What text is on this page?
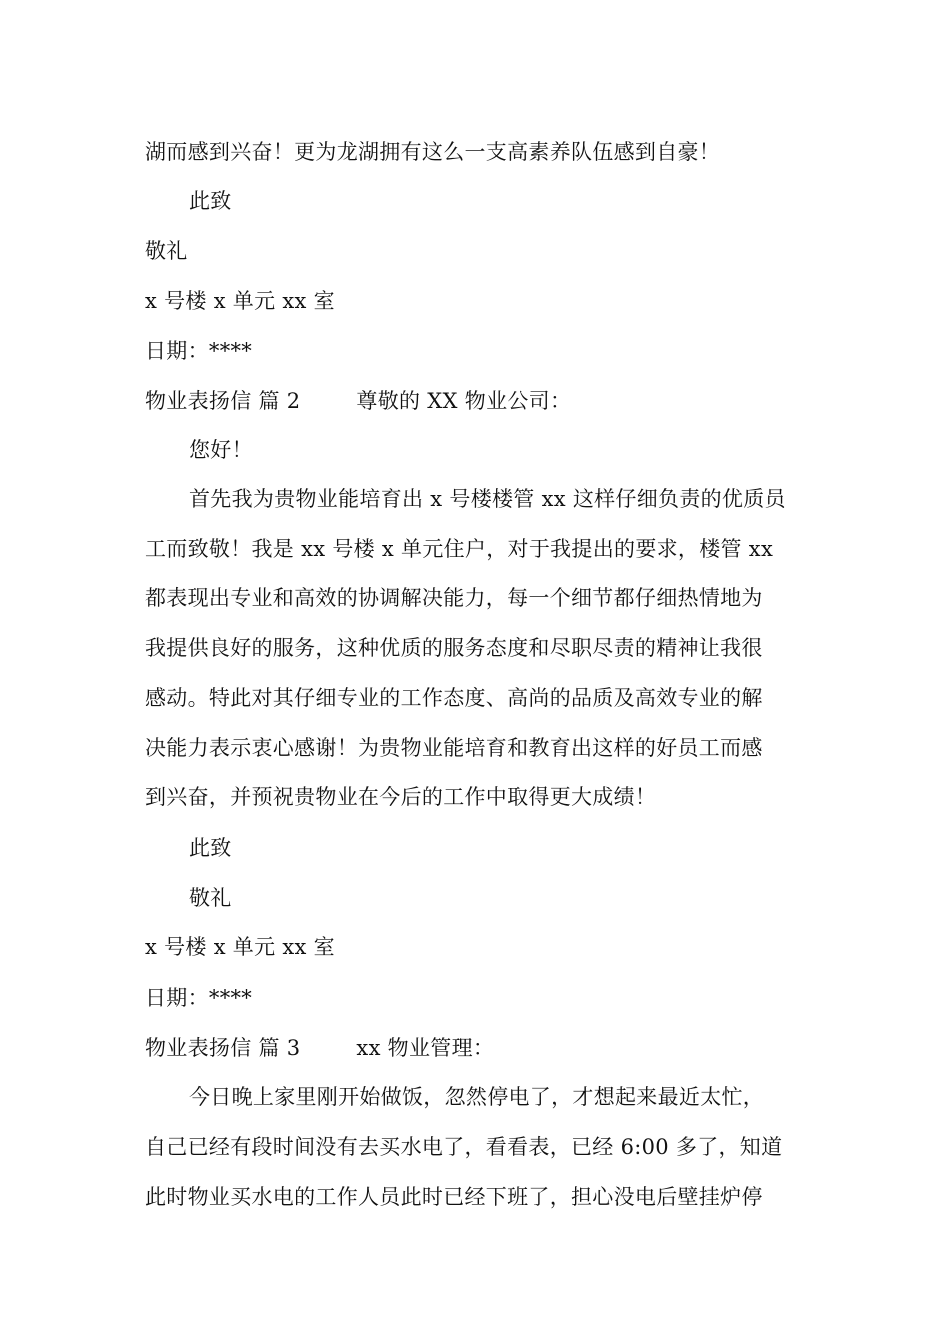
湖而感到兴奋！更为龙湖拥有这么一支高素养队伍感到自豪！
此致
敬礼
x 号楼 x 单元 xx 室
日期：****
物业表扬信 篇 2	尊敬的 XX 物业公司：
您好！
首先我为贵物业能培育出 x 号楼楼管 xx 这样仔细负责的优质员
工而致敬！我是 xx 号楼 x 单元住户，对于我提出的要求，楼管 xx
都表现出专业和高效的协调解决能力，每一个细节都仔细热情地为
我提供良好的服务，这种优质的服务态度和尽职尽责的精神让我很
感动。特此对其仔细专业的工作态度、高尚的品质及高效专业的解
决能力表示衷心感谢！为贵物业能培育和教育出这样的好员工而感
到兴奋，并预祝贵物业在今后的工作中取得更大成绩！
此致
敬礼
x 号楼 x 单元 xx 室
日期：****
物业表扬信 篇 3	xx 物业管理：
今日晚上家里刚开始做饭，忽然停电了，才想起来最近太忙，
自己已经有段时间没有去买水电了，看看表，已经 6:00 多了，知道
此时物业买水电的工作人员此时已经下班了，担心没电后壁挂炉停
